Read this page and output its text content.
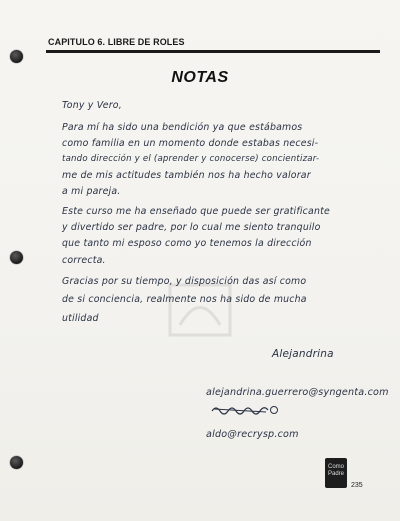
CAPITULO 6. LIBRE DE ROLES
NOTAS
Tony y Vero,
Para mí ha sido una bendición ya que estábamos
como familia en un momento donde estabas necesi-
tando dirección y el (aprender y conocerse) concientizar-
me de mis actitudes también nos ha hecho valorar
a mi pareja.
Este curso me ha enseñado que puede ser gratificante
y divertido ser padre, por lo cual me siento tranquilo
que tanto mi esposo como yo tenemos la dirección
correcta.
Gracias por su tiempo, y disposición das así como
de si conciencia, realmente nos ha sido de mucha
utilidad
Alejandrina
alejandrina.guerrero@syngenta.com
aldo@recrysp.com
Como Padre
235
